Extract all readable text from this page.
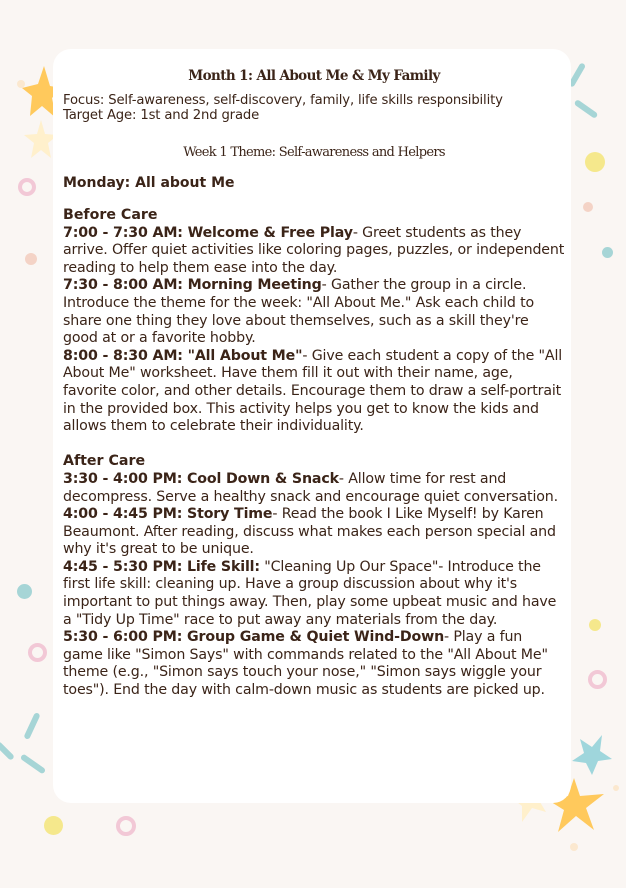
Month 1: All About Me & My Family

Focus: Self-awareness, self-discovery, family, life skills responsibility

Target Age: 1st and 2nd grade

Week 1 Theme: Self-awareness and Helpers
Monday: All about Me

Before Care

7:00 - 7:30 AM: Welcome & Free Play- Greet students as they arrive. Offer quiet activities like coloring pages, puzzles, or independent reading to help them ease into the day.

7:30 - 8:00 AM: Morning Meeting- Gather the group in a circle. Introduce the theme for the week: "All About Me." Ask each child to share one thing they love about themselves, such as a skill they're good at or a favorite hobby.

8:00 - 8:30 AM: "All About Me"- Give each student a copy of the "All About Me" worksheet. Have them fill it out with their name, age, favorite color, and other details. Encourage them to draw a self-portrait in the provided box. This activity helps you get to know the kids and allows them to celebrate their individuality.

After Care

3:30 - 4:00 PM: Cool Down & Snack- Allow time for rest and decompress. Serve a healthy snack and encourage quiet conversation.

4:00 - 4:45 PM: Story Time- Read the book I Like Myself! by Karen Beaumont. After reading, discuss what makes each person special and why it's great to be unique.

4:45 - 5:30 PM: Life Skill: "Cleaning Up Our Space"- Introduce the first life skill: cleaning up. Have a group discussion about why it's important to put things away. Then, play some upbeat music and have a "Tidy Up Time" race to put away any materials from the day.

5:30 - 6:00 PM: Group Game & Quiet Wind-Down- Play a fun game like "Simon Says" with commands related to the "All About Me" theme (e.g., "Simon says touch your nose," "Simon says wiggle your toes"). End the day with calm-down music as students are picked up.
